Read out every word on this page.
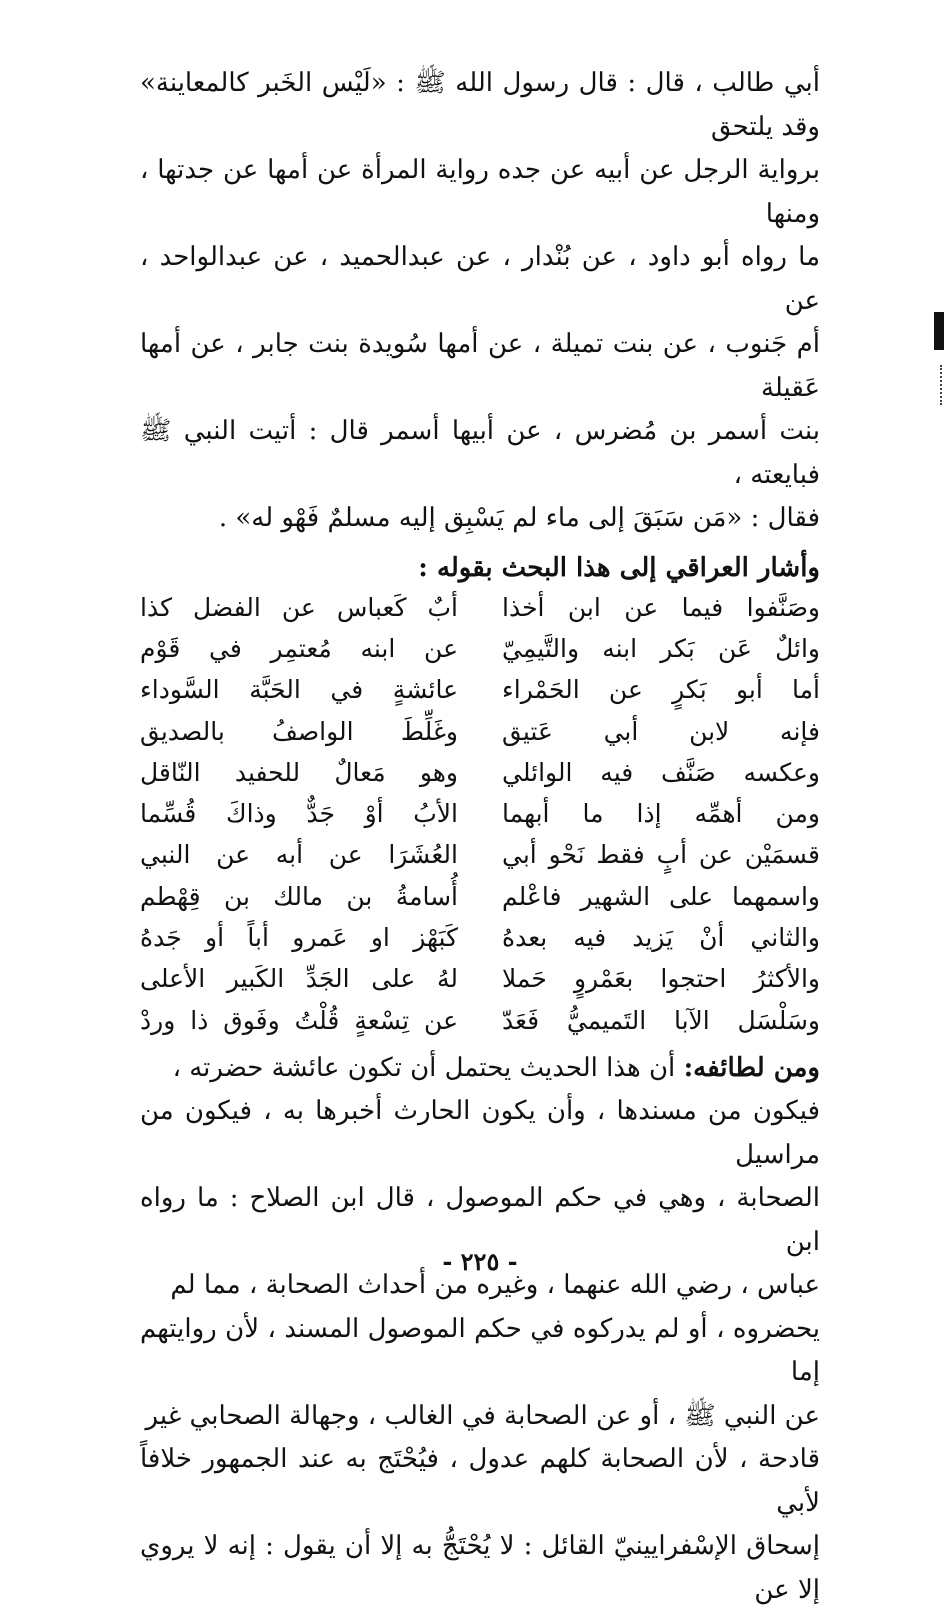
أبي طالب ، قال : قال رسول الله ﷺ : «لَيْس الخَبر كالمعاينة» وقد يلتحق

برواية الرجل عن أبيه عن جده رواية المرأة عن أمها عن جدتها ، ومنها

ما رواه أبو داود ، عن بُنْدار ، عن عبدالحميد ، عن عبدالواحد ، عن

أم جَنوب ، عن بنت تميلة ، عن أمها سُويدة بنت جابر ، عن أمها عَقيلة

بنت أسمر بن مُضرس ، عن أبيها أسمر قال : أتيت النبي ﷺ فبايعته ،

فقال : «مَن سَبَقَ إلى ماء لم يَسْبِق إليه مسلمٌ فَهْو له» .

وأشار العراقي إلى هذا البحث بقوله :
وصَنَّفوا فيما عن ابن أخذا
أبٌ كَعباس عن الفضل كذا
وائلٌ عَن بَكر ابنه والتَّيمِيّ
عن ابنه مُعتمِر في قَوْم
أما أبو بَكرٍ عن الحَمْراء
عائشةٍ في الحَبَّة السَّوداء
فإنه لابن أبي عَتيق
وغَلِّطَ الواصفُ بالصديق
وعكسه صَنَّف فيه الوائلي
وهو مَعالٌ للحفيد النّاقل
ومن أهمِّه إذا ما أبهما
الأبُ أوْ جَدٌّ وذاكَ قُسِّما
قسمَيْن عن أبٍ فقط نَحْو أبي
العُشَرَا عن أبه عن النبي
واسمهما على الشهير فاعْلم
أُسامةُ بن مالك بن قِهْطم
والثاني أنْ يَزيد فيه بعدهُ
كَبَهْز او عَمرو أباً أو جَدهُ
والأكثرُ احتجوا بعَمْروٍ حَملا
لهُ على الجَدِّ الكَبير الأعلى
وسَلْسَل الآبا التَميميُّ فَعَدّ
عن تِسْعةٍ قُلْتُ وفَوق ذا وردْ

ومن لطائفه: أن هذا الحديث يحتمل أن تكون عائشة حضرته ،

فيكون من مسندها ، وأن يكون الحارث أخبرها به ، فيكون من مراسيل

الصحابة ، وهي في حكم الموصول ، قال ابن الصلاح : ما رواه ابن

عباس ، رضي الله عنهما ، وغيره من أحداث الصحابة ، مما لم

يحضروه ، أو لم يدركوه في حكم الموصول المسند ، لأن روايتهم إما

عن النبي ﷺ ، أو عن الصحابة في الغالب ، وجهالة الصحابي غير

قادحة ، لأن الصحابة كلهم عدول ، فيُحْتَج به عند الجمهور خلافاً لأبي

إسحاق الإسْفرايينيّ القائل : لا يُحْتَجُّ به إلا أن يقول : إنه لا يروي إلا عن

- ٢٢٥ -
